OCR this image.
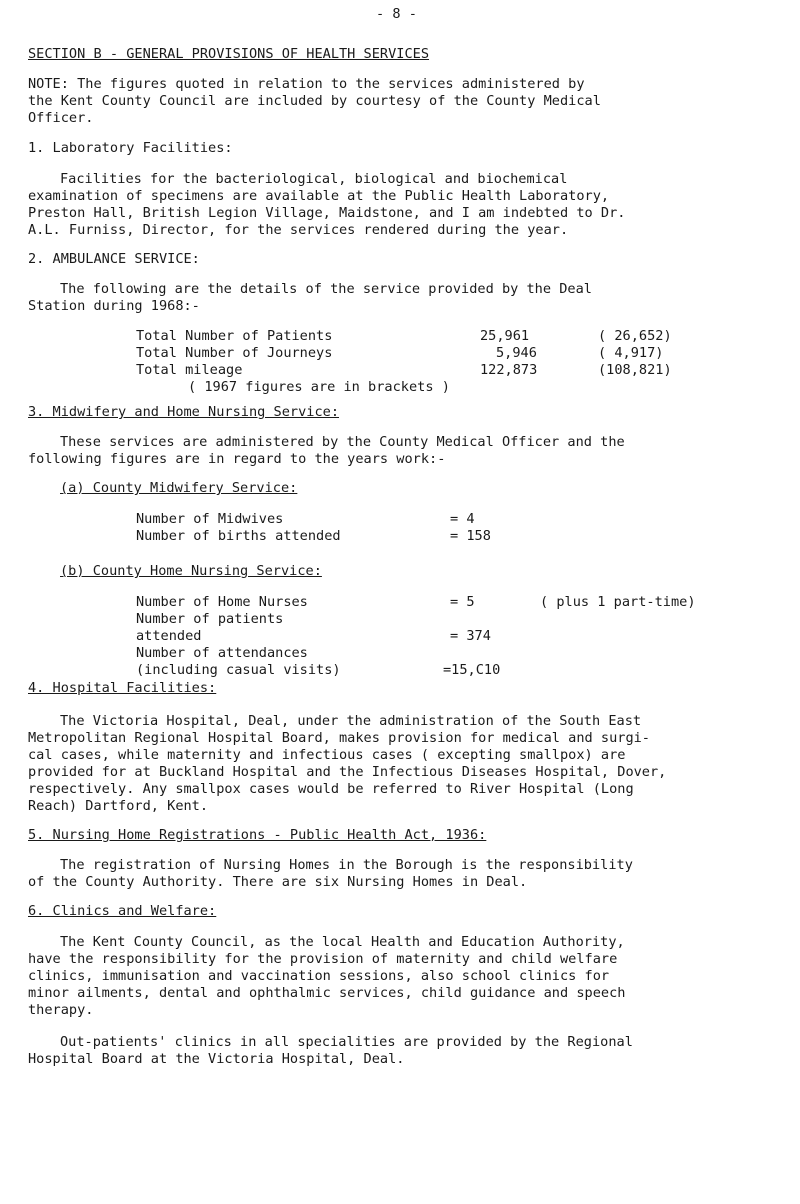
- 8 -
SECTION B - GENERAL PROVISIONS OF HEALTH SERVICES
NOTE: The figures quoted in relation to the services administered by
the Kent County Council are included by courtesy of the County Medical
Officer.
1. Laboratory Facilities:
Facilities for the bacteriological, biological and biochemical
examination of specimens are available at the Public Health Laboratory,
Preston Hall, British Legion Village, Maidstone, and I am indebted to Dr.
A.L. Furniss, Director, for the services rendered during the year.
2. AMBULANCE SERVICE:
The following are the details of the service provided by the Deal
Station during 1968:-
Total Number of Patients	25,961	( 26,652)
Total Number of Journeys	5,946	( 4,917)
Total mileage	122,873	(108,821)
( 1967 figures are in brackets )
3. Midwifery and Home Nursing Service:
These services are administered by the County Medical Officer and the
following figures are in regard to the years work:-
(a) County Midwifery Service:
Number of Midwives	= 4
Number of births attended	= 158
(b) County Home Nursing Service:
Number of Home Nurses	= 5	( plus 1 part-time)
Number of patients
attended	= 374
Number of attendances
(including casual visits)	=15,C10
4. Hospital Facilities:
The Victoria Hospital, Deal, under the administration of the South East
Metropolitan Regional Hospital Board, makes provision for medical and surgi-
cal cases, while maternity and infectious cases ( excepting smallpox) are
provided for at Buckland Hospital and the Infectious Diseases Hospital, Dover,
respectively. Any smallpox cases would be referred to River Hospital (Long
Reach) Dartford, Kent.
5. Nursing Home Registrations - Public Health Act, 1936:
The registration of Nursing Homes in the Borough is the responsibility
of the County Authority. There are six Nursing Homes in Deal.
6. Clinics and Welfare:
The Kent County Council, as the local Health and Education Authority,
have the responsibility for the provision of maternity and child welfare
clinics, immunisation and vaccination sessions, also school clinics for
minor ailments, dental and ophthalmic services, child guidance and speech
therapy.
Out-patients' clinics in all specialities are provided by the Regional
Hospital Board at the Victoria Hospital, Deal.
